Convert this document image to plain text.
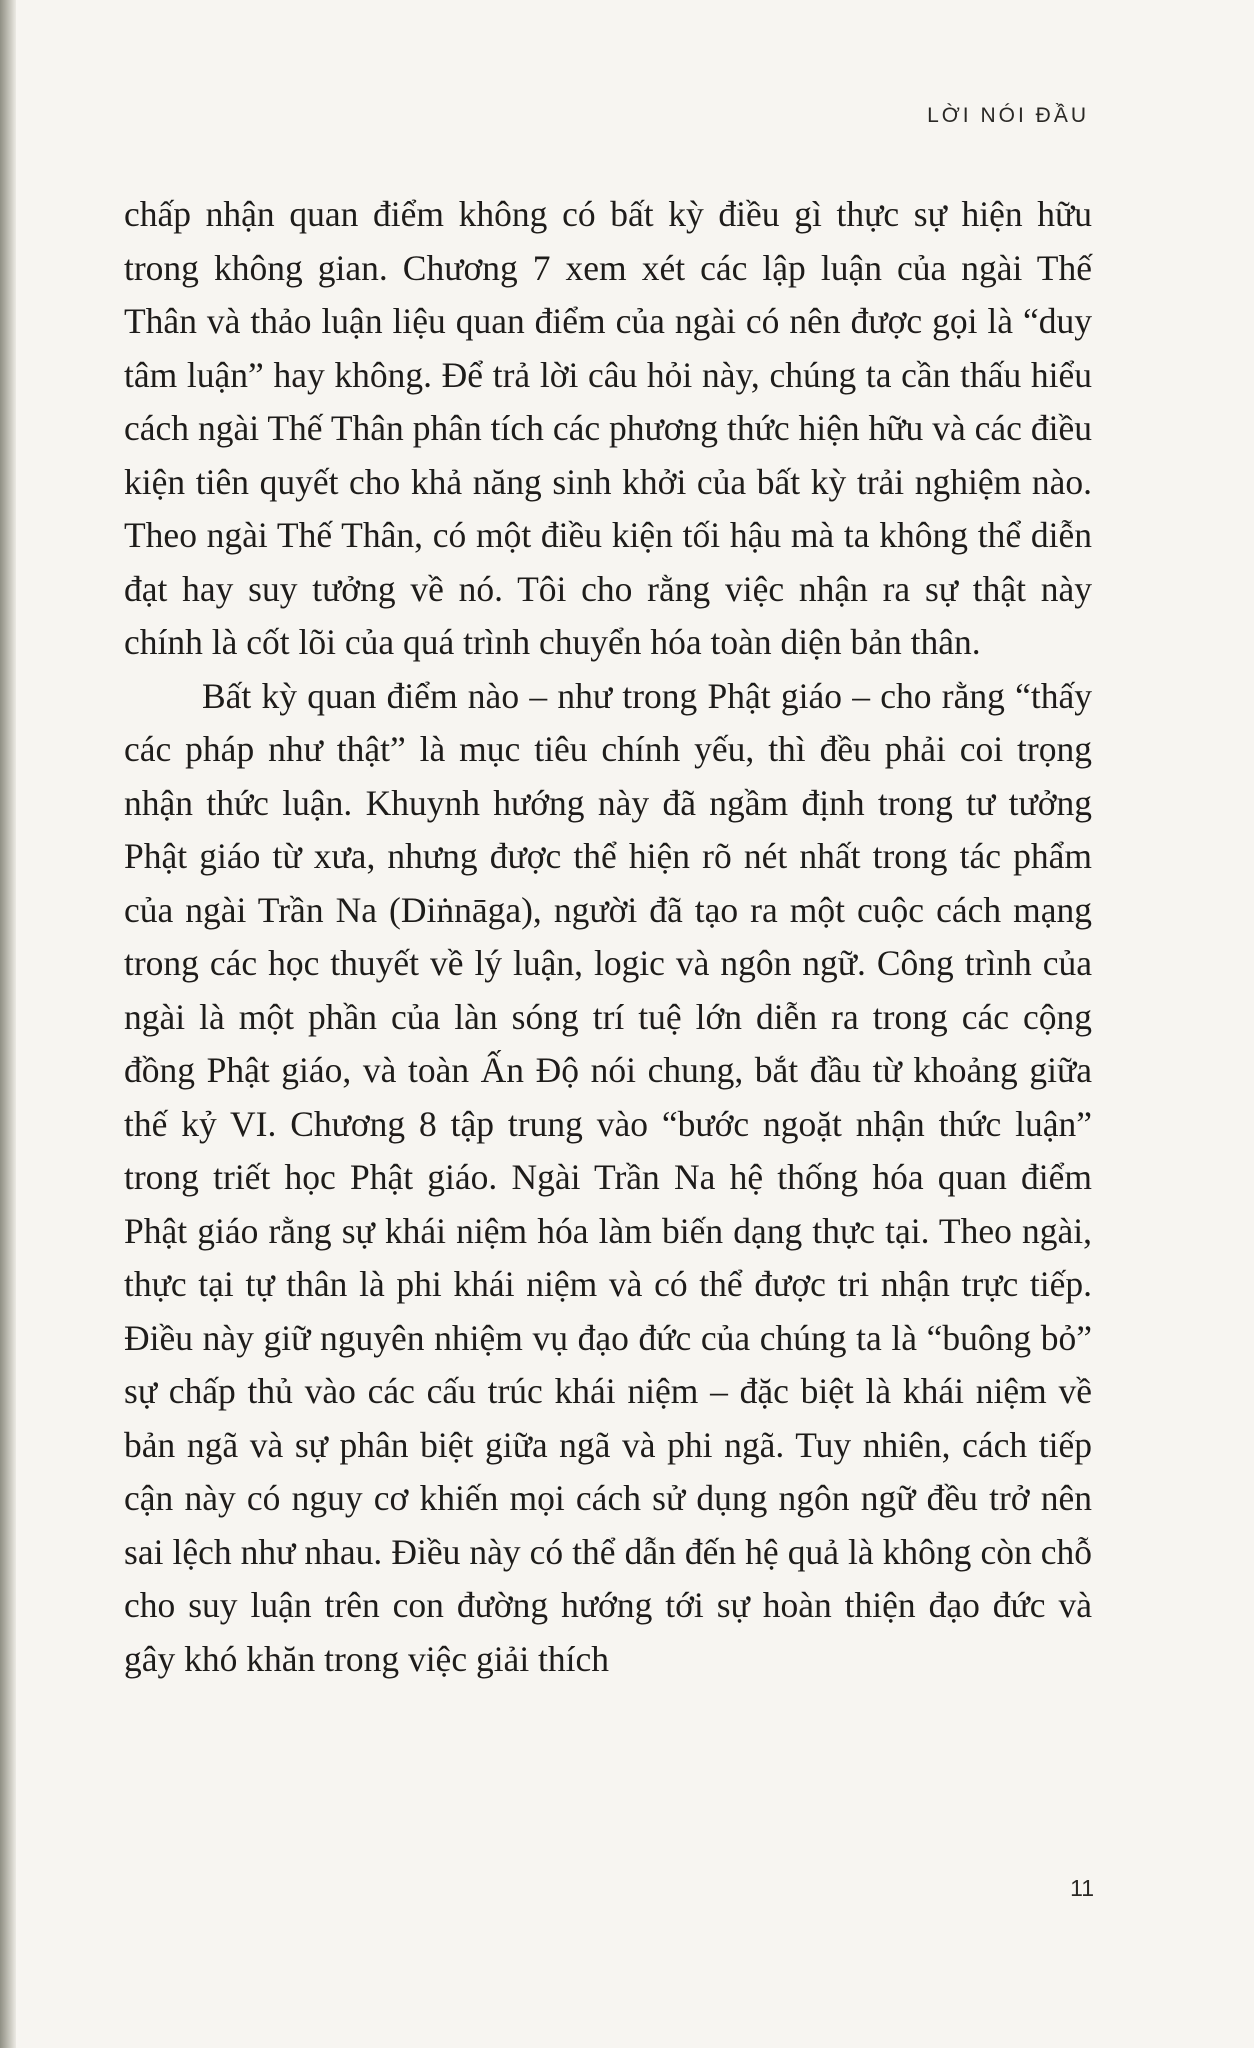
LỜI NÓI ĐẦU

chấp nhận quan điểm không có bất kỳ điều gì thực sự hiện hữu trong không gian. Chương 7 xem xét các lập luận của ngài Thế Thân và thảo luận liệu quan điểm của ngài có nên được gọi là “duy tâm luận” hay không. Để trả lời câu hỏi này, chúng ta cần thấu hiểu cách ngài Thế Thân phân tích các phương thức hiện hữu và các điều kiện tiên quyết cho khả năng sinh khởi của bất kỳ trải nghiệm nào. Theo ngài Thế Thân, có một điều kiện tối hậu mà ta không thể diễn đạt hay suy tưởng về nó. Tôi cho rằng việc nhận ra sự thật này chính là cốt lõi của quá trình chuyển hóa toàn diện bản thân.

Bất kỳ quan điểm nào – như trong Phật giáo – cho rằng “thấy các pháp như thật” là mục tiêu chính yếu, thì đều phải coi trọng nhận thức luận. Khuynh hướng này đã ngầm định trong tư tưởng Phật giáo từ xưa, nhưng được thể hiện rõ nét nhất trong tác phẩm của ngài Trần Na (Diṅnāga), người đã tạo ra một cuộc cách mạng trong các học thuyết về lý luận, logic và ngôn ngữ. Công trình của ngài là một phần của làn sóng trí tuệ lớn diễn ra trong các cộng đồng Phật giáo, và toàn Ấn Độ nói chung, bắt đầu từ khoảng giữa thế kỷ VI. Chương 8 tập trung vào “bước ngoặt nhận thức luận” trong triết học Phật giáo. Ngài Trần Na hệ thống hóa quan điểm Phật giáo rằng sự khái niệm hóa làm biến dạng thực tại. Theo ngài, thực tại tự thân là phi khái niệm và có thể được tri nhận trực tiếp. Điều này giữ nguyên nhiệm vụ đạo đức của chúng ta là “buông bỏ” sự chấp thủ vào các cấu trúc khái niệm – đặc biệt là khái niệm về bản ngã và sự phân biệt giữa ngã và phi ngã. Tuy nhiên, cách tiếp cận này có nguy cơ khiến mọi cách sử dụng ngôn ngữ đều trở nên sai lệch như nhau. Điều này có thể dẫn đến hệ quả là không còn chỗ cho suy luận trên con đường hướng tới sự hoàn thiện đạo đức và gây khó khăn trong việc giải thích

11
